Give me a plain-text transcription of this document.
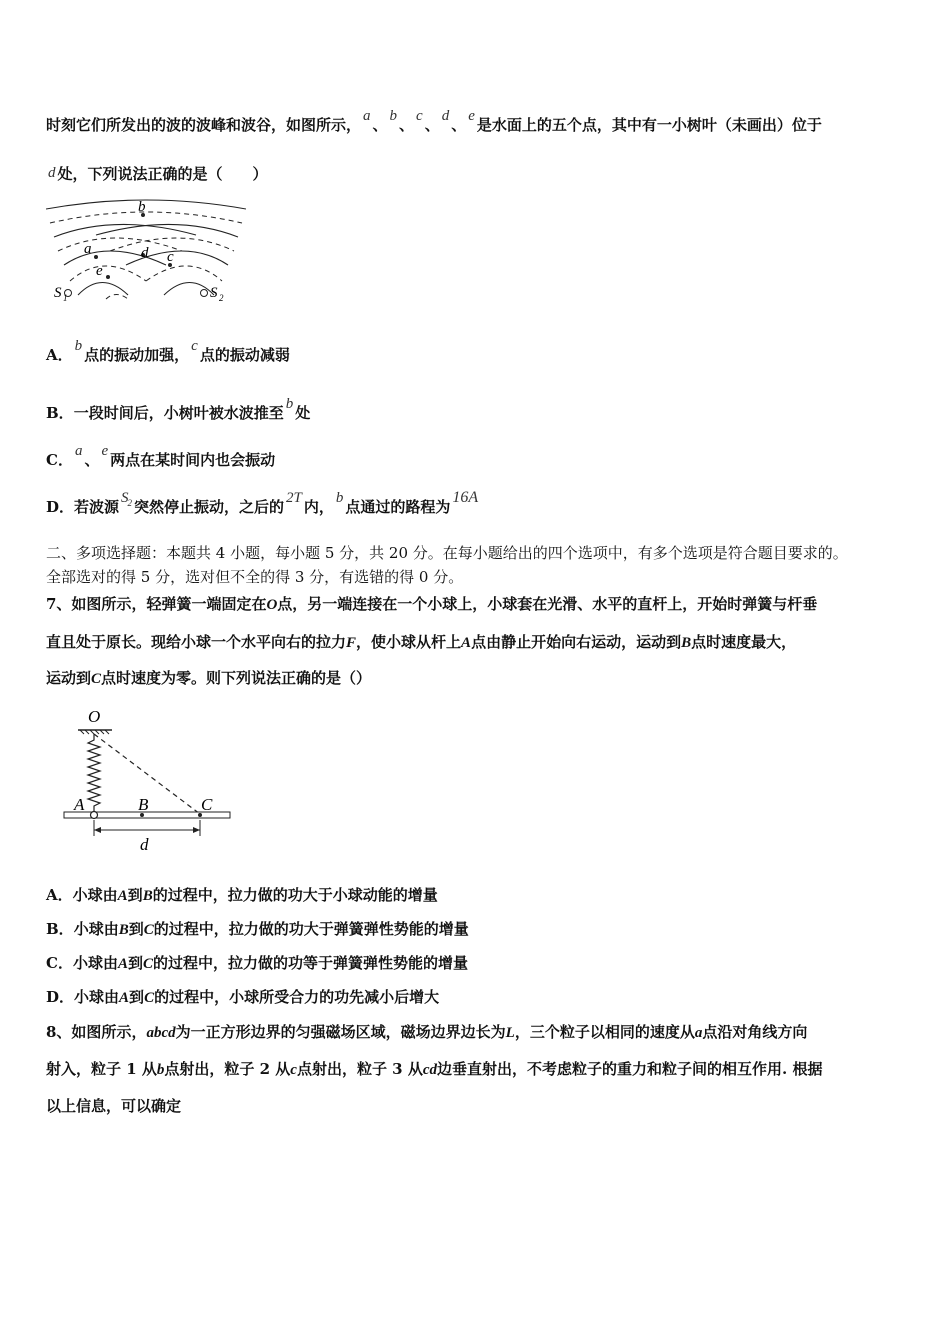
时刻它们所发出的波的波峰和波谷，如图所示， a 、 b 、 c 、 d 、 e 是水面上的五个点，其中有一小树叶（未画出）位于
d 处，下列说法正确的是（　　）
b
a	d c
e
S 1	S 2
A． b 点的振动加强， c 点的振动减弱
B．一段时间后，小树叶被水波推至 b 处
C． a 、 e 两点在某时间内也会振动
D．若波源 $S^2$ 突然停止振动，之后的 2T 内， b 点通过的路程为16A
二、多项选择题：本题共 4 小题，每小题 5 分，共 20 分。在每小题给出的四个选项中，有多个选项是符合题目要求的。
全部选对的得 5 分，选对但不全的得 3 分，有选错的得 0 分。
7、如图所示，轻弹簧一端固定在O点，另一端连接在一个小球上，小球套在光滑、水平的直杆上，开始时弹簧与杆垂
直且处于原长。现给小球一个水平向右的拉力F，使小球从杆上A点由静止开始向右运动，运动到B点时速度最大，
运动到C点时速度为零。则下列说法正确的是（）
O
A	B	C
d
A．小球由A到B的过程中，拉力做的功大于小球动能的增量
B．小球由B到C的过程中，拉力做的功大于弹簧弹性势能的增量
C．小球由A到C的过程中，拉力做的功等于弹簧弹性势能的增量
D．小球由A到C的过程中，小球所受合力的功先减小后增大
8、如图所示，abcd为一正方形边界的匀强磁场区域，磁场边界边长为L，三个粒子以相同的速度从a点沿对角线方向
射入，粒子 1 从b点射出，粒子 2 从c点射出，粒子 3 从cd边垂直射出，不考虑粒子的重力和粒子间的相互作用. 根据
以上信息，可以确定
